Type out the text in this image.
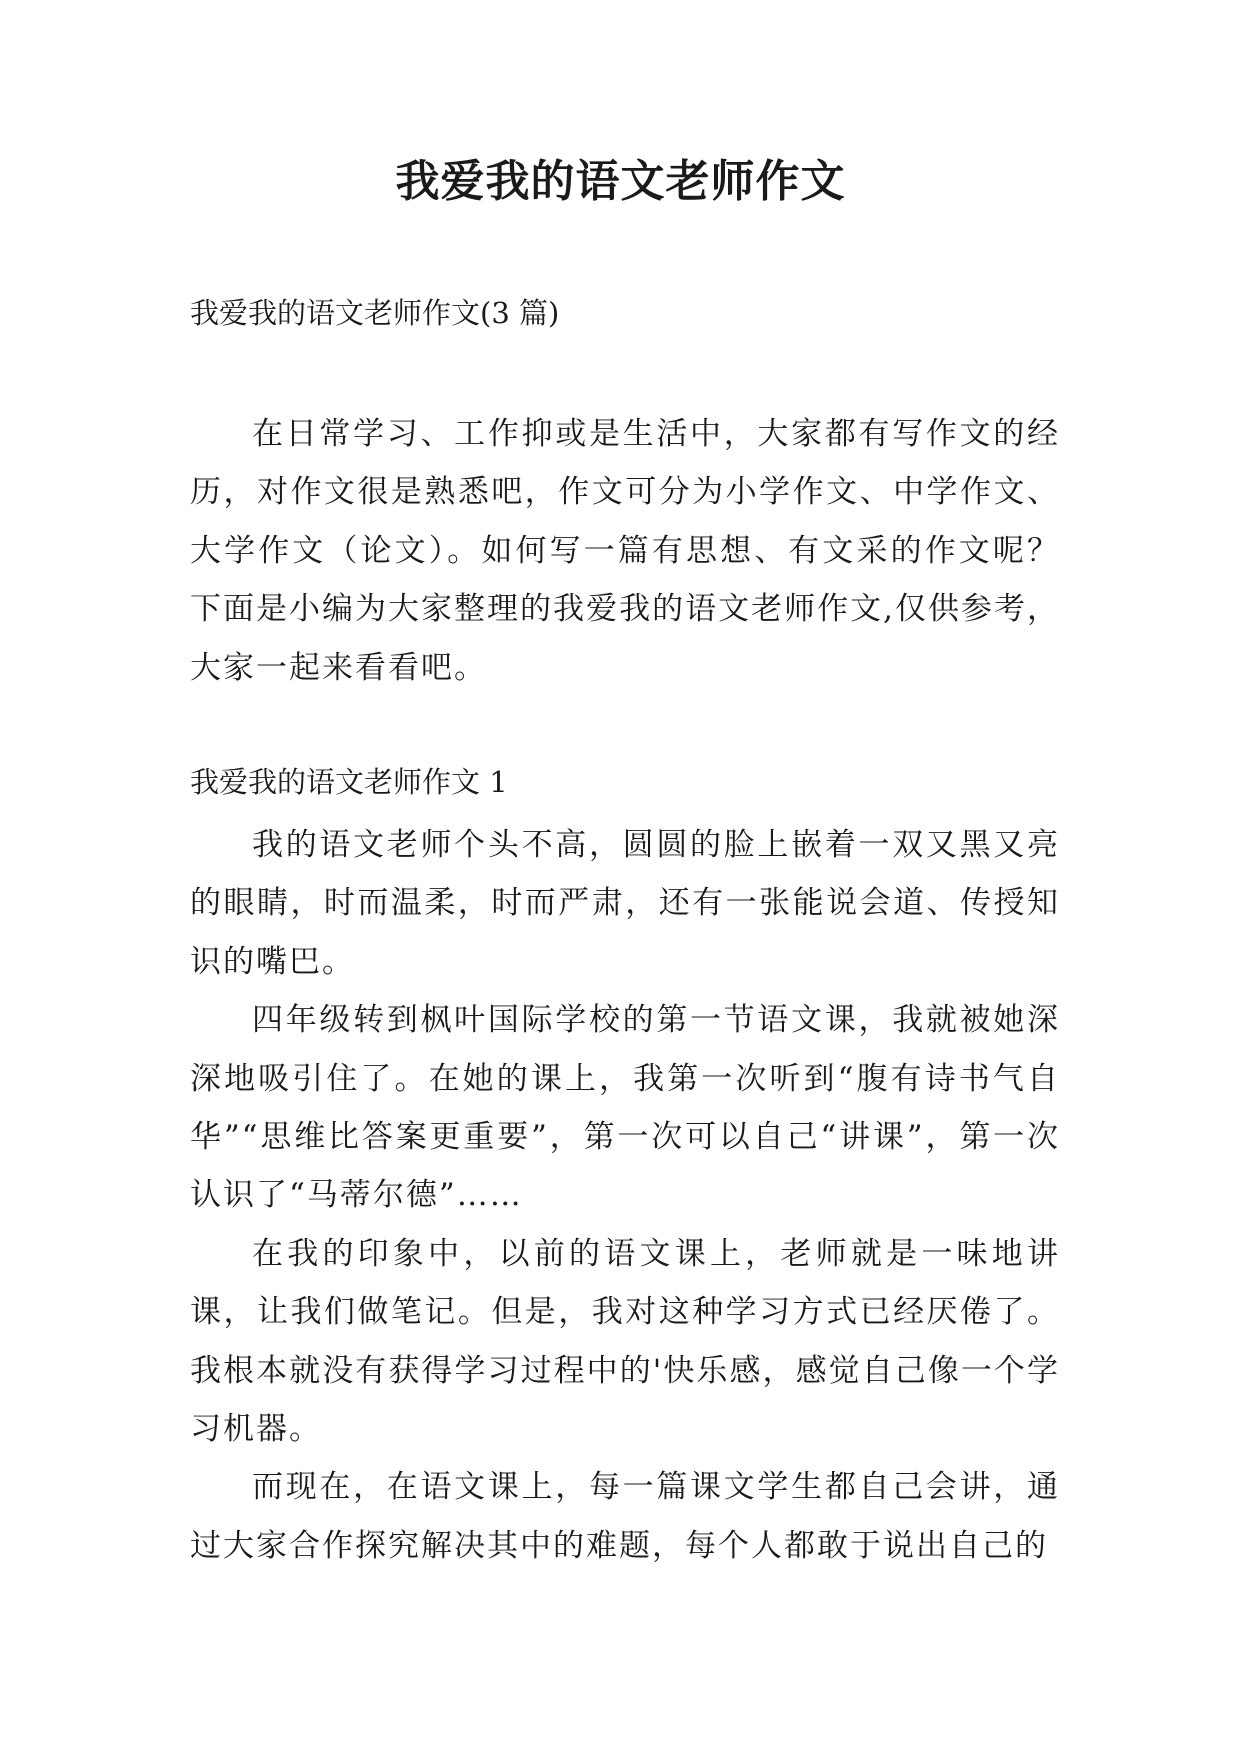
我爱我的语文老师作文

我爱我的语文老师作文(3 篇)

在日常学习、工作抑或是生活中，大家都有写作文的经历，对作文很是熟悉吧，作文可分为小学作文、中学作文、大学作文（论文）。如何写一篇有思想、有文采的作文呢？下面是小编为大家整理的我爱我的语文老师作文,仅供参考，大家一起来看看吧。

我爱我的语文老师作文 1

我的语文老师个头不高，圆圆的脸上嵌着一双又黑又亮的眼睛，时而温柔，时而严肃，还有一张能说会道、传授知识的嘴巴。

四年级转到枫叶国际学校的第一节语文课，我就被她深深地吸引住了。在她的课上，我第一次听到“腹有诗书气自华”“思维比答案更重要”，第一次可以自己“讲课”，第一次认识了“马蒂尔德”……

在我的印象中，以前的语文课上，老师就是一味地讲课，让我们做笔记。但是，我对这种学习方式已经厌倦了。我根本就没有获得学习过程中的'快乐感，感觉自己像一个学习机器。

而现在，在语文课上，每一篇课文学生都自己会讲，通过大家合作探究解决其中的难题，每个人都敢于说出自己的
